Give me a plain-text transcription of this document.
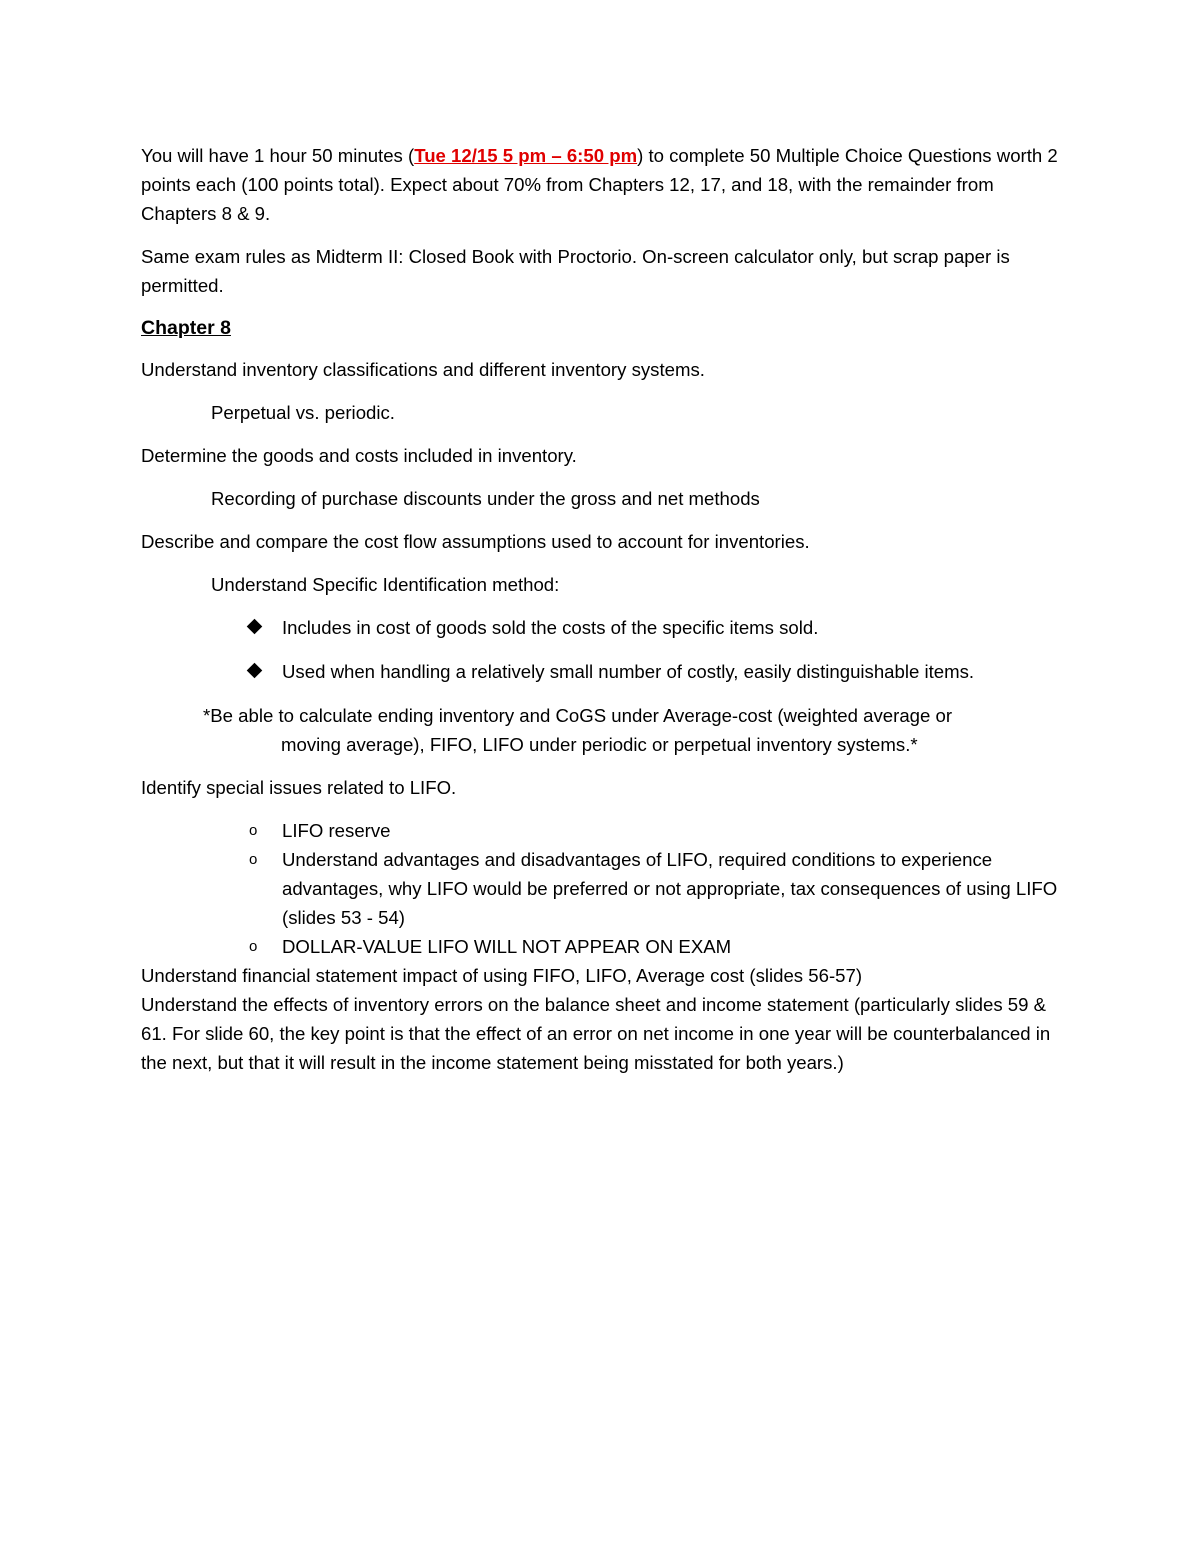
You will have 1 hour 50 minutes (Tue 12/15 5 pm – 6:50 pm) to complete 50 Multiple Choice Questions worth 2 points each (100 points total). Expect about 70% from Chapters 12, 17, and 18, with the remainder from Chapters 8 & 9.

Same exam rules as Midterm II: Closed Book with Proctorio. On-screen calculator only, but scrap paper is permitted.

Chapter 8

Understand inventory classifications and different inventory systems.

Perpetual vs. periodic.

Determine the goods and costs included in inventory.

Recording of purchase discounts under the gross and net methods

Describe and compare the cost flow assumptions used to account for inventories.

Understand Specific Identification method:

Includes in cost of goods sold the costs of the specific items sold.
Used when handling a relatively small number of costly, easily distinguishable items.
*Be able to calculate ending inventory and CoGS under Average-cost (weighted average or
moving average), FIFO, LIFO under periodic or perpetual inventory systems.*

Identify special issues related to LIFO.

o LIFO reserve
o Understand advantages and disadvantages of LIFO, required conditions to experience advantages, why LIFO would be preferred or not appropriate, tax consequences of using LIFO (slides 53 - 54)
o DOLLAR-VALUE LIFO WILL NOT APPEAR ON EXAM

Understand financial statement impact of using FIFO, LIFO, Average cost (slides 56-57)

Understand the effects of inventory errors on the balance sheet and income statement (particularly slides 59 & 61. For slide 60, the key point is that the effect of an error on net income in one year will be counterbalanced in the next, but that it will result in the income statement being misstated for both years.)
